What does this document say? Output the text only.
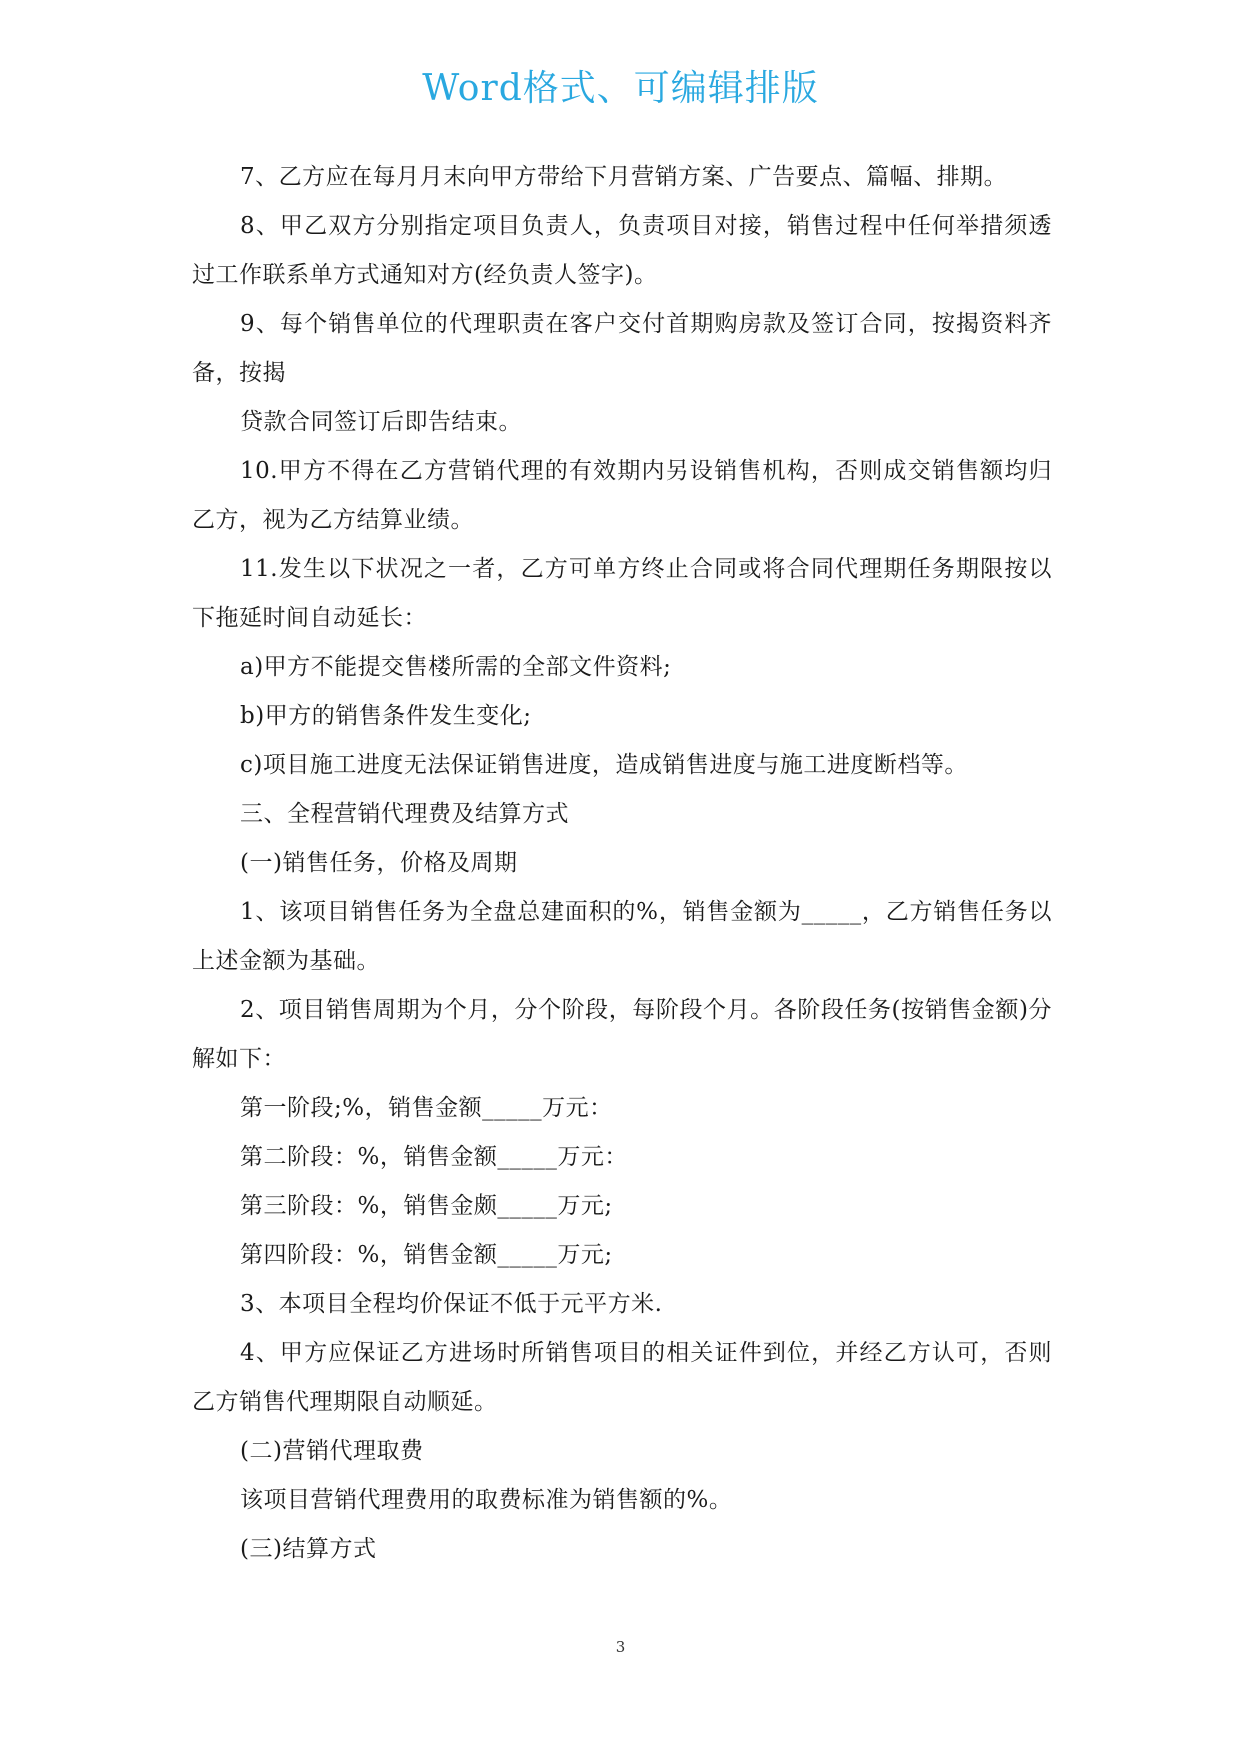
Word格式、可编辑排版

7、乙方应在每月月末向甲方带给下月营销方案、广告要点、篇幅、排期。

8、甲乙双方分别指定项目负责人，负责项目对接，销售过程中任何举措须透过工作联系单方式通知对方(经负责人签字)。

9、每个销售单位的代理职责在客户交付首期购房款及签订合同，按揭资料齐备，按揭

贷款合同签订后即告结束。

10.甲方不得在乙方营销代理的有效期内另设销售机构，否则成交销售额均归乙方，视为乙方结算业绩。

11.发生以下状况之一者，乙方可单方终止合同或将合同代理期任务期限按以下拖延时间自动延长：

a)甲方不能提交售楼所需的全部文件资料;

b)甲方的销售条件发生变化;

c)项目施工进度无法保证销售进度，造成销售进度与施工进度断档等。

三、全程营销代理费及结算方式

(一)销售任务，价格及周期

1、该项目销售任务为全盘总建面积的%，销售金额为_____，乙方销售任务以上述金额为基础。

2、项目销售周期为个月，分个阶段，每阶段个月。各阶段任务(按销售金额)分解如下：

第一阶段;%，销售金额_____万元：

第二阶段：%，销售金额_____万元：

第三阶段：%，销售金颇_____万元;

第四阶段：%，销售金额_____万元;

3、本项目全程均价保证不低于元平方米.

4、甲方应保证乙方进场时所销售项目的相关证件到位，并经乙方认可，否则乙方销售代理期限自动顺延。

(二)营销代理取费

该项目营销代理费用的取费标准为销售额的%。

(三)结算方式

3
